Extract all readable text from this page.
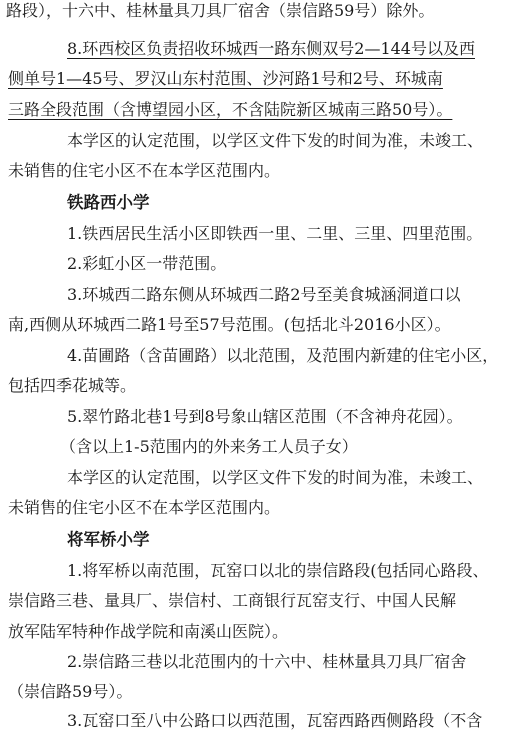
路段），十六中、桂林量具刀具厂宿舍（崇信路59号）除外。
8.环西校区负责招收环城西一路东侧双号2—144号以及西
侧单号1—45号、罗汉山东村范围、沙河路1号和2号、环城南
三路全段范围（含博望园小区，不含陆院新区城南三路50号）。
本学区的认定范围，以学区文件下发的时间为准，未竣工、
未销售的住宅小区不在本学区范围内。
铁路西小学
1.铁西居民生活小区即铁西一里、二里、三里、四里范围。
2.彩虹小区一带范围。
3.环城西二路东侧从环城西二路2号至美食城涵洞道口以
南,西侧从环城西二路1号至57号范围。(包括北斗2016小区）。
4.苗圃路（含苗圃路）以北范围，及范围内新建的住宅小区，
包括四季花城等。
5.翠竹路北巷1号到8号象山辖区范围（不含神舟花园）。
（含以上1-5范围内的外来务工人员子女）
本学区的认定范围，以学区文件下发的时间为准，未竣工、
未销售的住宅小区不在本学区范围内。
将军桥小学
1.将军桥以南范围，瓦窑口以北的崇信路段(包括同心路段、
崇信路三巷、量具厂、崇信村、工商银行瓦窑支行、中国人民解
放军陆军特种作战学院和南溪山医院）。
2.崇信路三巷以北范围内的十六中、桂林量具刀具厂宿舍
（崇信路59号）。
3.瓦窑口至八中公路口以西范围，瓦窑西路西侧路段（不含
